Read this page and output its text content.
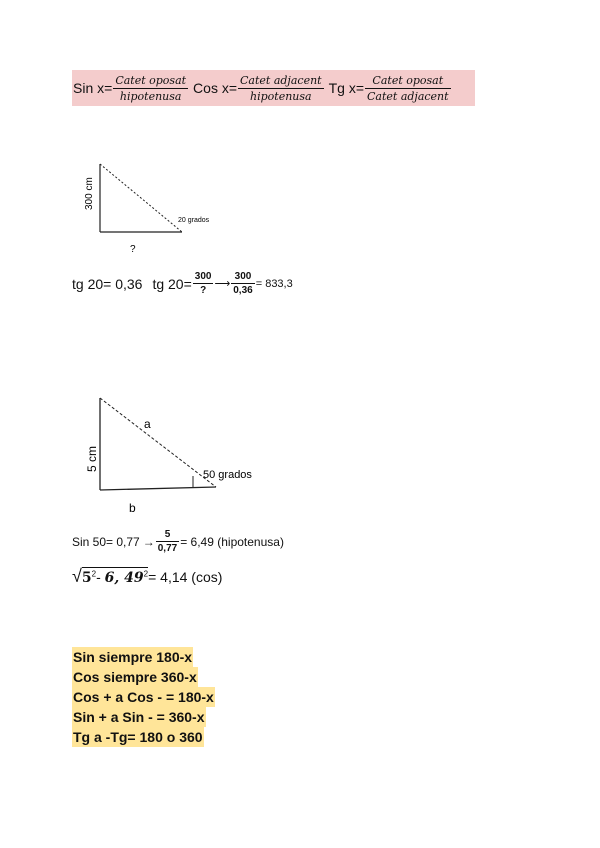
Sin $x= \frac{\text{Catet oposat}}{\text{hipotenusa}}$ Cos $x= \frac{\text{Catet adjacent}}{\text{hipotenusa}}$ Tg $x= \frac{\text{Catet oposat}}{\text{Catet adjacent}}$
300 cm
20 grados
?
tg 20= 0,36 tg $20= \frac{300}{?}$ ⟶ $\frac{300}{0,36} = 833,3$
5 cm
a
50 grados
b
Sin $50= 0,77 \to \frac{5}{0,77} = 6,49$ (hipotenusa)
√ $5^2-$ 6, $49^2 = 4,14$ (cos)
Sin siempre 180-x
Cos siempre 360-x
Cos + a Cos - = 180-x
Sin + a Sin - = 360-x
Tg a -Tg= 180 o 360
